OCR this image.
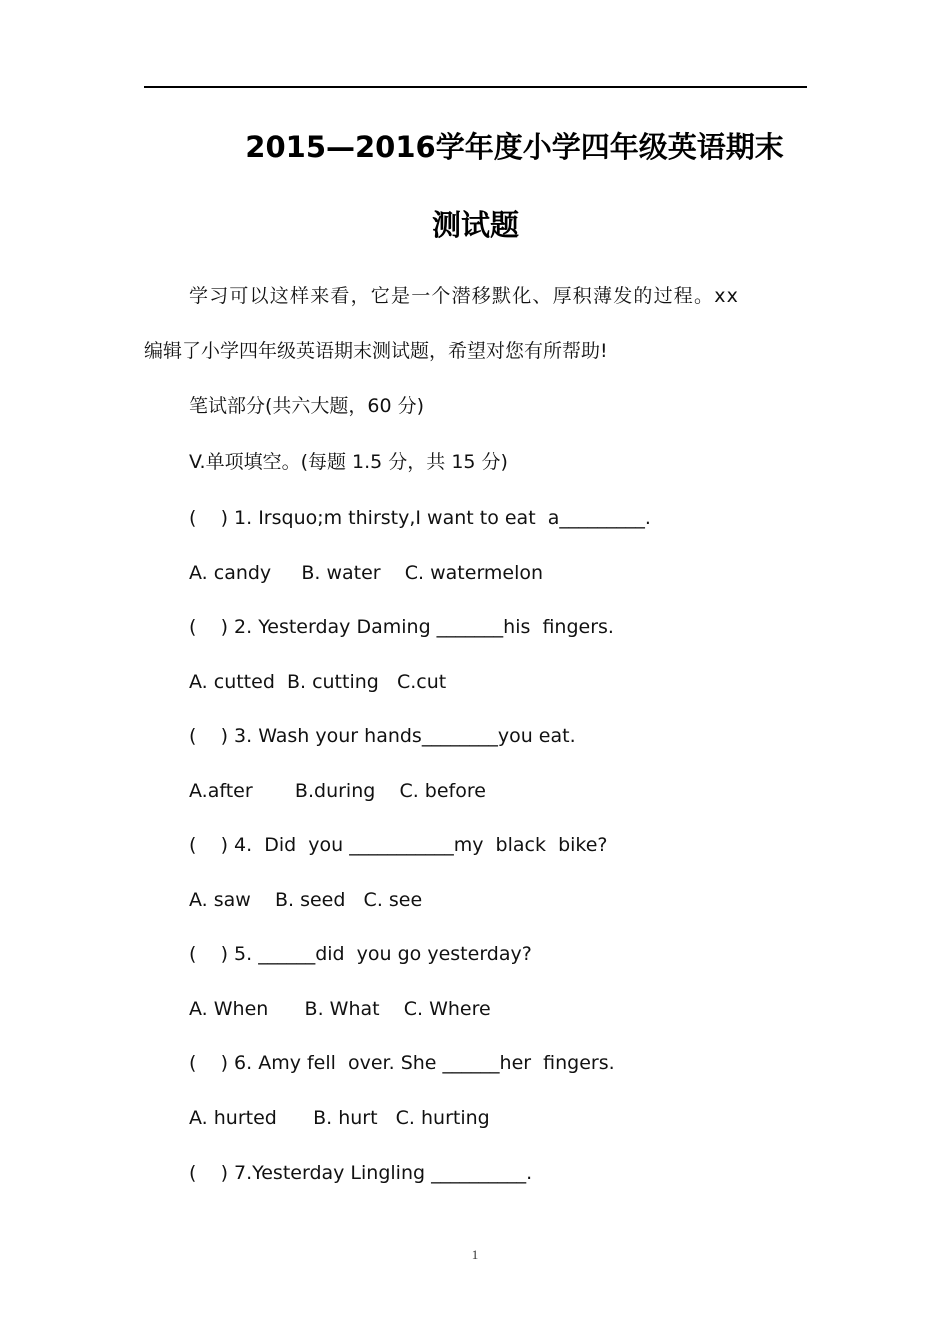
2015—2016学年度小学四年级英语期末
测试题
学习可以这样来看，它是一个潜移默化、厚积薄发的过程。xx
编辑了小学四年级英语期末测试题，希望对您有所帮助!
笔试部分(共六大题，60 分)
V.单项填空。(每题 1.5 分，共 15 分)
(    ) 1. Irsquo;m thirsty,I want to eat  a_________.
A. candy     B. water    C. watermelon
(    ) 2. Yesterday Daming _______his  fingers.
A. cutted  B. cutting   C.cut
(    ) 3. Wash your hands________you eat.
A.after       B.during    C. before
(    ) 4.  Did  you ___________my  black  bike?
A. saw    B. seed   C. see
(    ) 5. ______did  you go yesterday?
A. When      B. What    C. Where
(    ) 6. Amy fell  over. She ______her  fingers.
A. hurted      B. hurt   C. hurting
(    ) 7.Yesterday Lingling __________.
1
